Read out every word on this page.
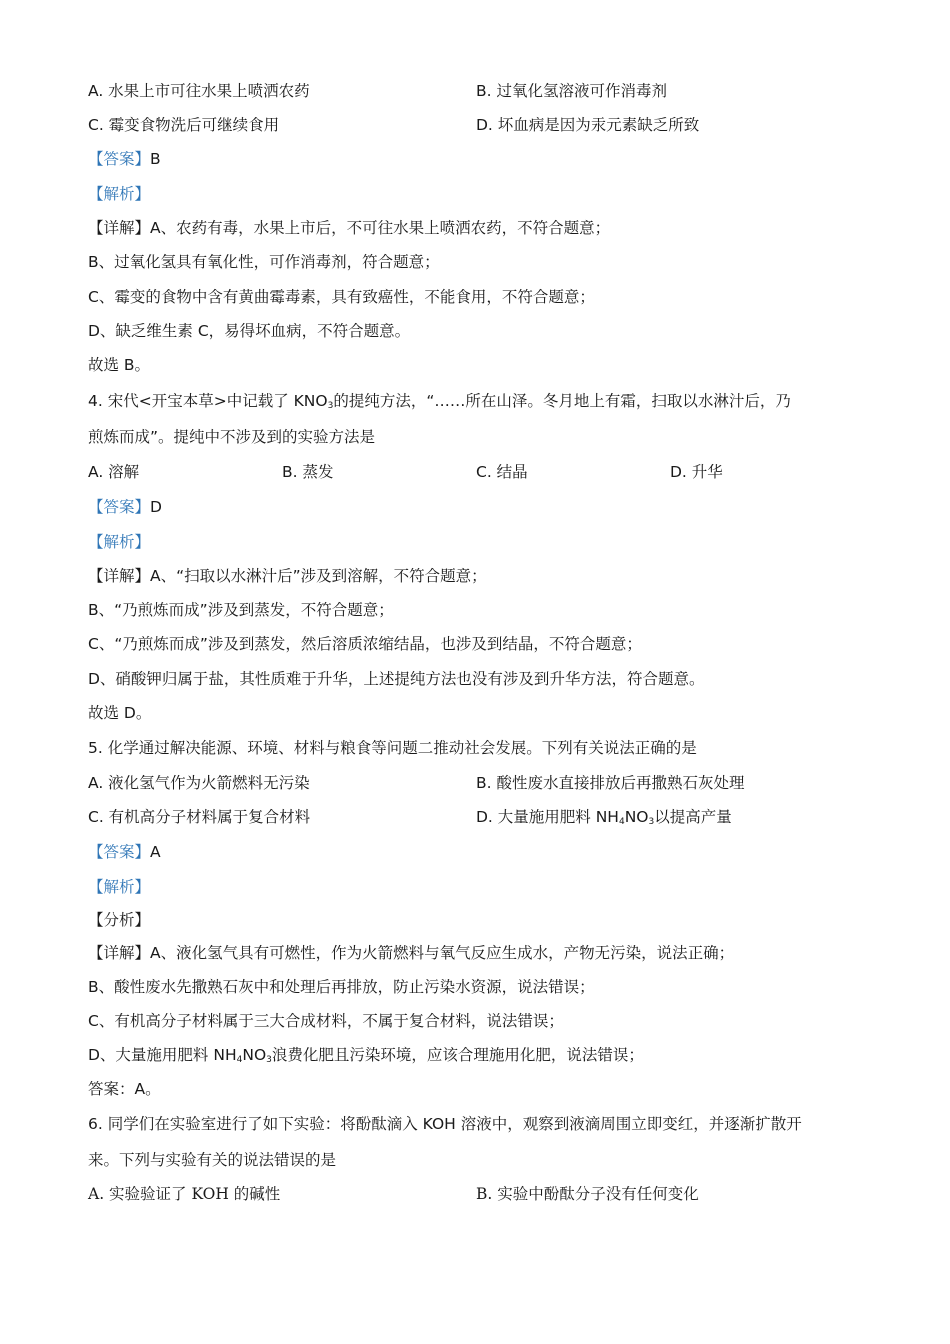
A. 水果上市可往水果上喷洒农药	B. 过氧化氢溶液可作消毒剂
C. 霉变食物洗后可继续食用	D. 坏血病是因为汞元素缺乏所致
【答案】B
【解析】
【详解】A、农药有毒，水果上市后，不可往水果上喷洒农药，不符合题意；
B、过氧化氢具有氧化性，可作消毒剂，符合题意；
C、霉变的食物中含有黄曲霉毒素，具有致癌性，不能食用，不符合题意；
D、缺乏维生素 C，易得坏血病，不符合题意。
故选 B。
4. 宋代<开宝本草>中记载了 $KNO_3$的提纯方法，“……所在山泽。冬月地上有霜，扫取以水淋汁后，乃
煎炼而成”。提纯中不涉及到的实验方法是
A. 溶解	B. 蒸发	C. 结晶	D. 升华
【答案】D
【解析】
【详解】A、“扫取以水淋汁后”涉及到溶解，不符合题意；
B、“乃煎炼而成”涉及到蒸发，不符合题意；
C、“乃煎炼而成”涉及到蒸发，然后溶质浓缩结晶，也涉及到结晶，不符合题意；
D、硝酸钾归属于盐，其性质难于升华，上述提纯方法也没有涉及到升华方法，符合题意。
故选 D。
5. 化学通过解决能源、环境、材料与粮食等问题二推动社会发展。下列有关说法正确的是
A. 液化氢气作为火箭燃料无污染	B. 酸性废水直接排放后再撒熟石灰处理
C. 有机高分子材料属于复合材料	D. 大量施用肥料 $NH_4NO_3$以提高产量
【答案】A
【解析】
【分析】
【详解】A、液化氢气具有可燃性，作为火箭燃料与氧气反应生成水，产物无污染，说法正确；
B、酸性废水先撒熟石灰中和处理后再排放，防止污染水资源，说法错误；
C、有机高分子材料属于三大合成材料，不属于复合材料，说法错误；
D、大量施用肥料 $NH_4NO_3$浪费化肥且污染环境，应该合理施用化肥，说法错误；
答案：A。
6. 同学们在实验室进行了如下实验：将酚酞滴入 KOH 溶液中，观察到液滴周围立即变红，并逐渐扩散开
来。下列与实验有关的说法错误的是
A. 实验验证了 KOH 的碱性	B. 实验中酚酞分子没有任何变化
